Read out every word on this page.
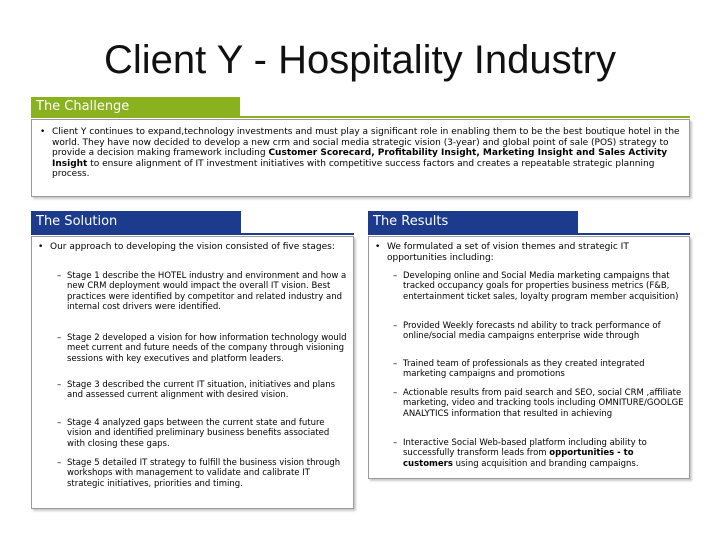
Client Y - Hospitality Industry
The Challenge
• Client Y continues to expand,technology investments and must play a significant role in enabling them to be the best boutique hotel in the world. They have now decided to develop a new crm and social media strategic vision (3-year) and global point of sale (POS) strategy to provide a decision making framework including Customer Scorecard, Profitability Insight, Marketing Insight and Sales Activity Insight to ensure alignment of IT investment initiatives with competitive success factors and creates a repeatable strategic planning process.
The Solution
• Our approach to developing the vision consisted of five stages:
– Stage 1 describe the HOTEL industry and environment and how a new CRM deployment would impact the overall IT vision. Best practices were identified by competitor and related industry and internal cost drivers were identified.
– Stage 2 developed a vision for how information technology would meet current and future needs of the company through visioning sessions with key executives and platform leaders.
– Stage 3 described the current IT situation, initiatives and plans and assessed current alignment with desired vision.
– Stage 4 analyzed gaps between the current state and future vision and identified preliminary business benefits associated with closing these gaps.
– Stage 5 detailed IT strategy to fulfill the business vision through workshops with management to validate and calibrate IT strategic initiatives, priorities and timing.
The Results
• We formulated a set of vision themes and strategic IT opportunities including:
– Developing online and Social Media marketing campaigns that tracked occupancy goals for properties business metrics (F&B, entertainment ticket sales, loyalty program member acquisition)
– Provided Weekly forecasts nd ability to track performance of online/social media campaigns enterprise wide through
– Trained team of professionals as they created integrated marketing campaigns and promotions
– Actionable results from paid search and SEO, social CRM ,affiliate marketing, video and tracking tools including OMNITURE/GOOLGE ANALYTICS information that resulted in achieving
– Interactive Social Web-based platform including ability to successfully transform leads from opportunities - to customers using acquisition and branding campaigns.
